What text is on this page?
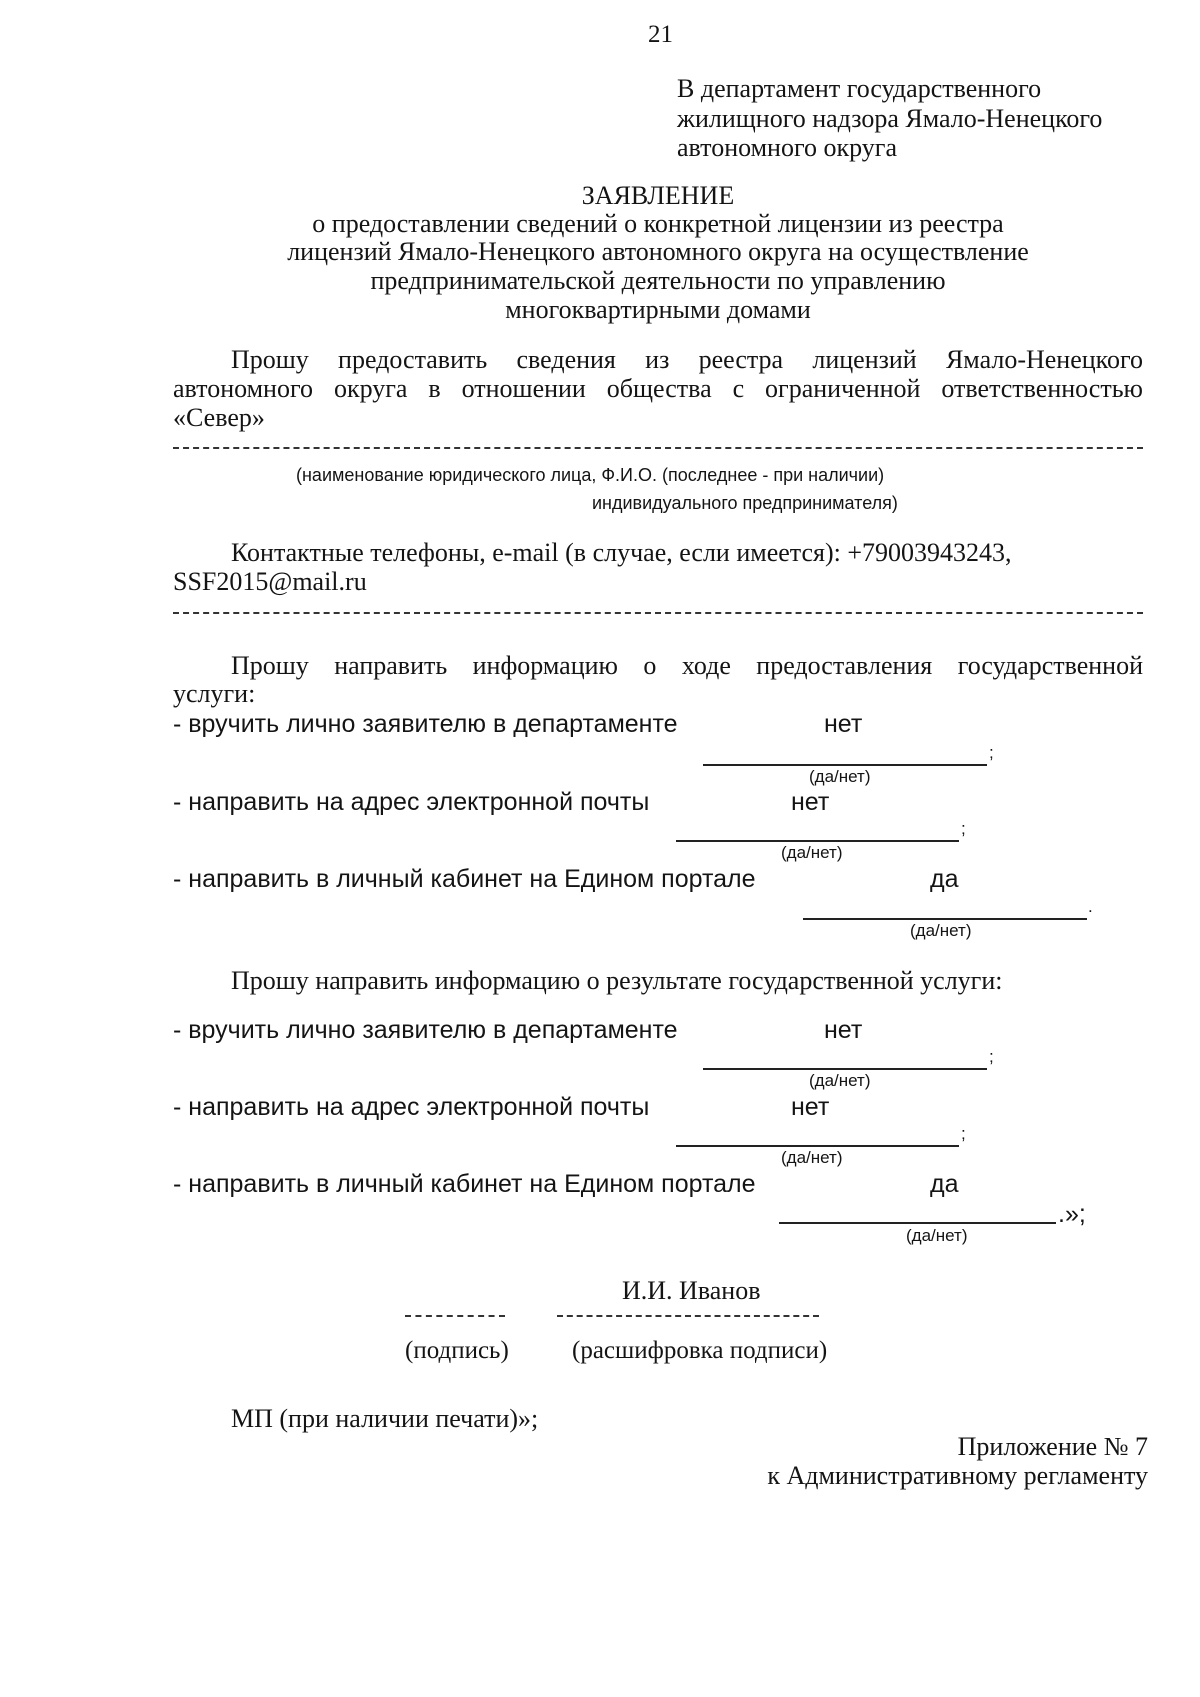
21
В департамент государственного
жилищного надзора Ямало-Ненецкого
автономного округа
ЗАЯВЛЕНИЕ
о предоставлении сведений о конкретной лицензии из реестра
лицензий Ямало-Ненецкого автономного округа на осуществление
предпринимательской деятельности по управлению
многоквартирными домами
Прошу предоставить сведения из реестра лицензий Ямало-Ненецкого
автономного округа в отношении общества с ограниченной ответственностью
«Север»
(наименование юридического лица, Ф.И.О. (последнее - при наличии)
индивидуального предпринимателя)
Контактные телефоны, e-mail (в случае, если имеется): +79003943243,
SSF2015@mail.ru
Прошу направить информацию о ходе предоставления государственной
услуги:
- вручить лично заявителю в департаменте	нет
;
(да/нет)
- направить на адрес электронной почты	нет
;
(да/нет)
- направить в личный кабинет на Едином портале	да
.
(да/нет)
Прошу направить информацию о результате государственной услуги:
- вручить лично заявителю в департаменте	нет
;
(да/нет)
- направить на адрес электронной почты	нет
;
(да/нет)
- направить в личный кабинет на Едином портале	да
.»;
(да/нет)
И.И. Иванов
(подпись)	(расшифровка подписи)
МП (при наличии печати)»;
Приложение № 7
к Административному регламенту
